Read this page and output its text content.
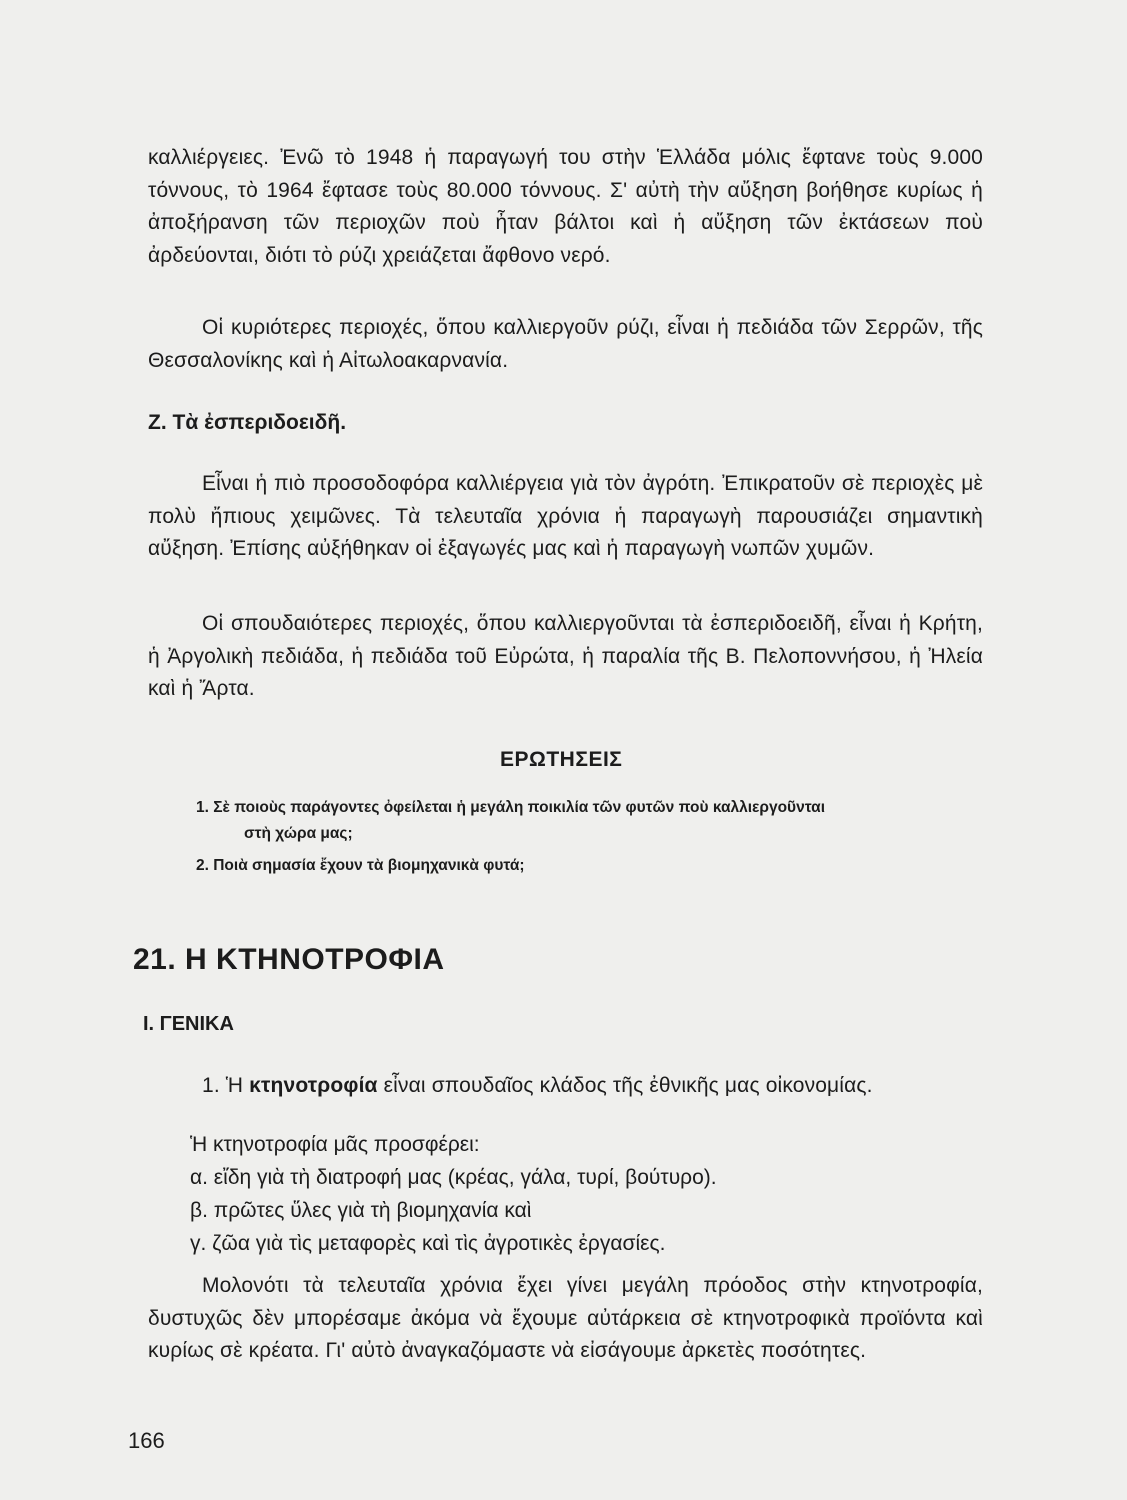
καλλιέργειες. Ἐνῶ τὸ 1948 ἡ παραγωγή του στὴν Ἑλλάδα μόλις ἔφτανε τοὺς 9.000 τόννους, τὸ 1964 ἔφτασε τοὺς 80.000 τόννους. Σ' αὐτὴ τὴν αὔξηση βοήθησε κυρίως ἡ ἀποξήρανση τῶν περιοχῶν ποὺ ἦταν βάλτοι καὶ ἡ αὔξηση τῶν ἐκτάσεων ποὺ ἀρδεύονται, διότι τὸ ρύζι χρειάζεται ἄφθονο νερό.

Οἱ κυριότερες περιοχές, ὅπου καλλιεργοῦν ρύζι, εἶναι ἡ πεδιάδα τῶν Σερρῶν, τῆς Θεσσαλονίκης καὶ ἡ Αἰτωλοακαρνανία.

Ζ. Τὰ ἐσπεριδοειδῆ.

Εἶναι ἡ πιὸ προσοδοφόρα καλλιέργεια γιὰ τὸν ἀγρότη. Ἐπικρατοῦν σὲ περιοχὲς μὲ πολὺ ἤπιους χειμῶνες. Τὰ τελευταῖα χρόνια ἡ παραγωγὴ παρουσιάζει σημαντικὴ αὔξηση. Ἐπίσης αὐξήθηκαν οἱ ἐξαγωγές μας καὶ ἡ παραγωγὴ νωπῶν χυμῶν.

Οἱ σπουδαιότερες περιοχές, ὅπου καλλιεργοῦνται τὰ ἐσπεριδοειδῆ, εἶναι ἡ Κρήτη, ἡ Ἀργολικὴ πεδιάδα, ἡ πεδιάδα τοῦ Εὐρώτα, ἡ παραλία τῆς Β. Πελοποννήσου, ἡ Ἠλεία καὶ ἡ Ἄρτα.

ΕΡΩΤΗΣΕΙΣ
1. Σὲ ποιοὺς παράγοντες ὀφείλεται ἡ μεγάλη ποικιλία τῶν φυτῶν ποὺ καλλιεργοῦνται
στὴ χώρα μας;
2. Ποιὰ σημασία ἔχουν τὰ βιομηχανικὰ φυτά;
21. Η ΚΤΗΝΟΤΡΟΦΙΑ
Ι. ΓΕΝΙΚΑ

1. Ἡ κτηνοτροφία εἶναι σπουδαῖος κλάδος τῆς ἐθνικῆς μας οἰκονομίας.

Ἡ κτηνοτροφία μᾶς προσφέρει:
α. εἴδη γιὰ τὴ διατροφή μας (κρέας, γάλα, τυρί, βούτυρο).
β. πρῶτες ὕλες γιὰ τὴ βιομηχανία καὶ
γ. ζῶα γιὰ τὶς μεταφορὲς καὶ τὶς ἀγροτικὲς ἐργασίες.

Μολονότι τὰ τελευταῖα χρόνια ἔχει γίνει μεγάλη πρόοδος στὴν κτηνοτροφία, δυστυχῶς δὲν μπορέσαμε ἀκόμα νὰ ἔχουμε αὐτάρκεια σὲ κτηνοτροφικὰ προϊόντα καὶ κυρίως σὲ κρέατα. Γι' αὐτὸ ἀναγκαζόμαστε νὰ εἰσάγουμε ἀρκετὲς ποσότητες.

166
